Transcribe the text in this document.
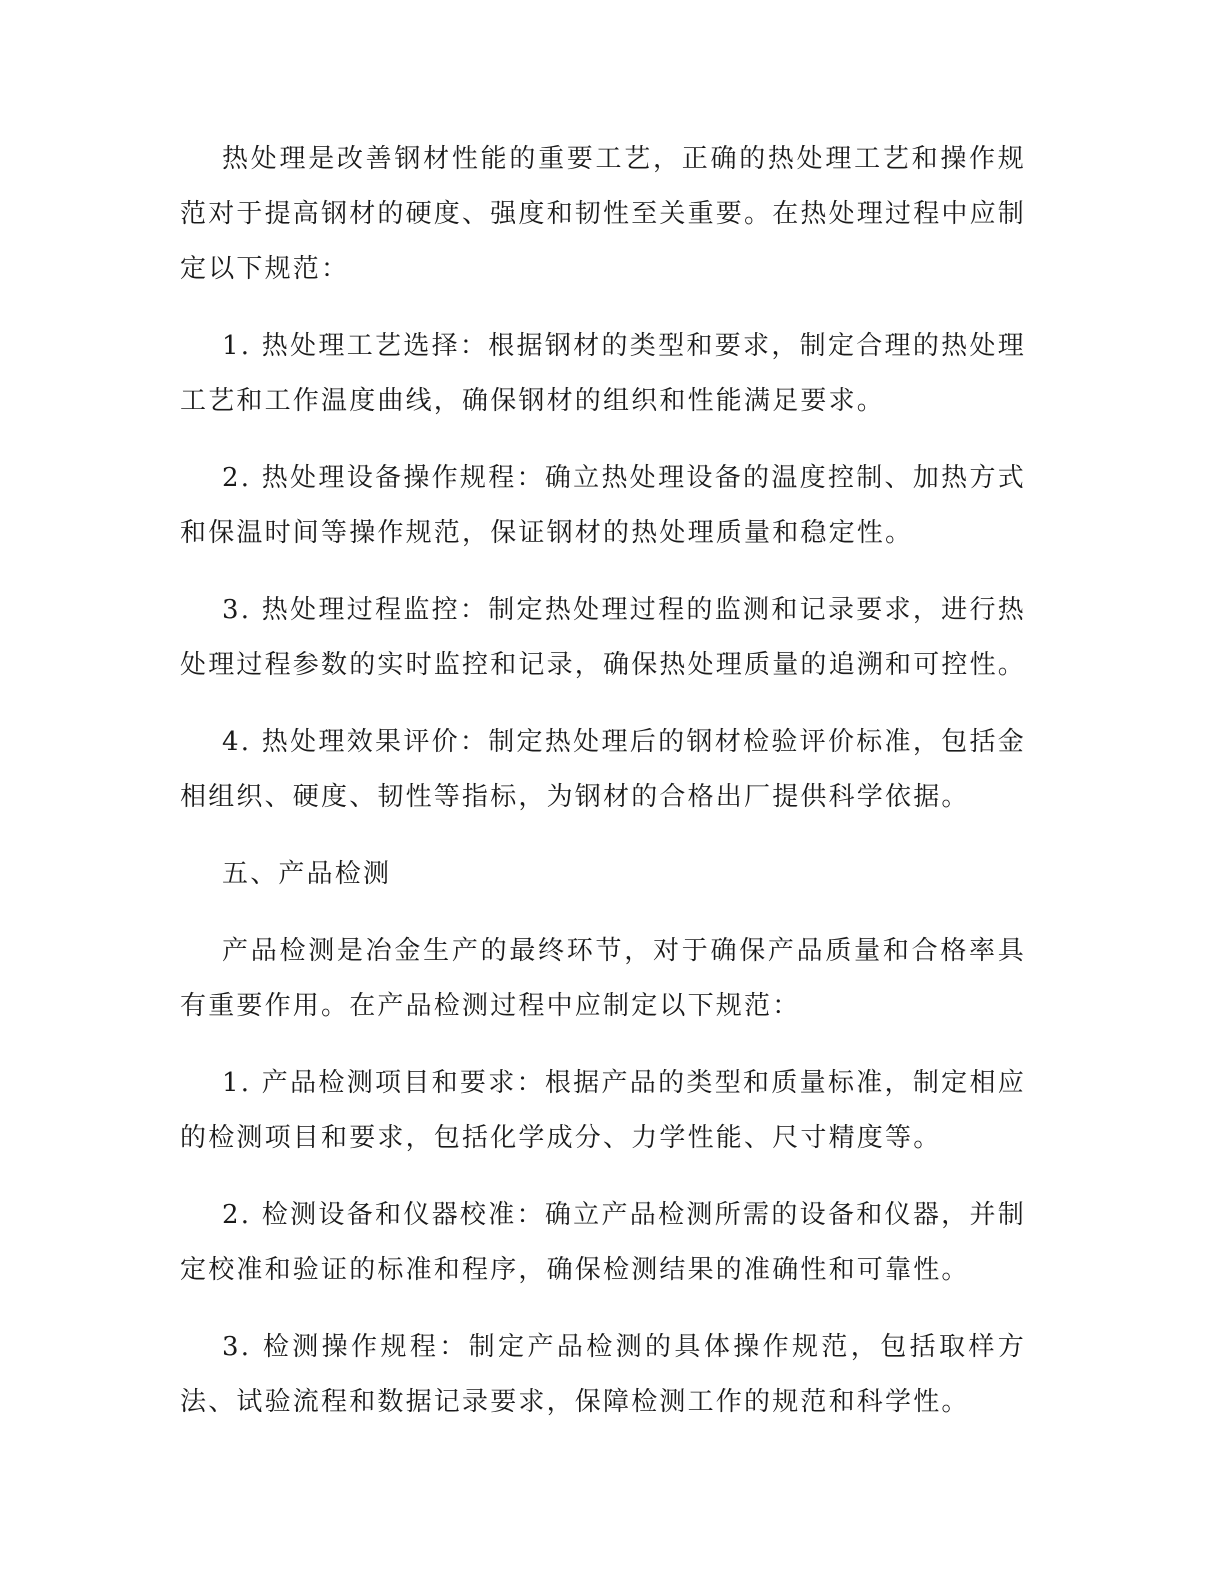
热处理是改善钢材性能的重要工艺，正确的热处理工艺和操作规范对于提高钢材的硬度、强度和韧性至关重要。在热处理过程中应制定以下规范：

1. 热处理工艺选择：根据钢材的类型和要求，制定合理的热处理工艺和工作温度曲线，确保钢材的组织和性能满足要求。

2. 热处理设备操作规程：确立热处理设备的温度控制、加热方式和保温时间等操作规范，保证钢材的热处理质量和稳定性。

3. 热处理过程监控：制定热处理过程的监测和记录要求，进行热处理过程参数的实时监控和记录，确保热处理质量的追溯和可控性。

4. 热处理效果评价：制定热处理后的钢材检验评价标准，包括金相组织、硬度、韧性等指标，为钢材的合格出厂提供科学依据。

五、产品检测

产品检测是冶金生产的最终环节，对于确保产品质量和合格率具有重要作用。在产品检测过程中应制定以下规范：

1. 产品检测项目和要求：根据产品的类型和质量标准，制定相应的检测项目和要求，包括化学成分、力学性能、尺寸精度等。

2. 检测设备和仪器校准：确立产品检测所需的设备和仪器，并制定校准和验证的标准和程序，确保检测结果的准确性和可靠性。

3. 检测操作规程：制定产品检测的具体操作规范，包括取样方法、试验流程和数据记录要求，保障检测工作的规范和科学性。
